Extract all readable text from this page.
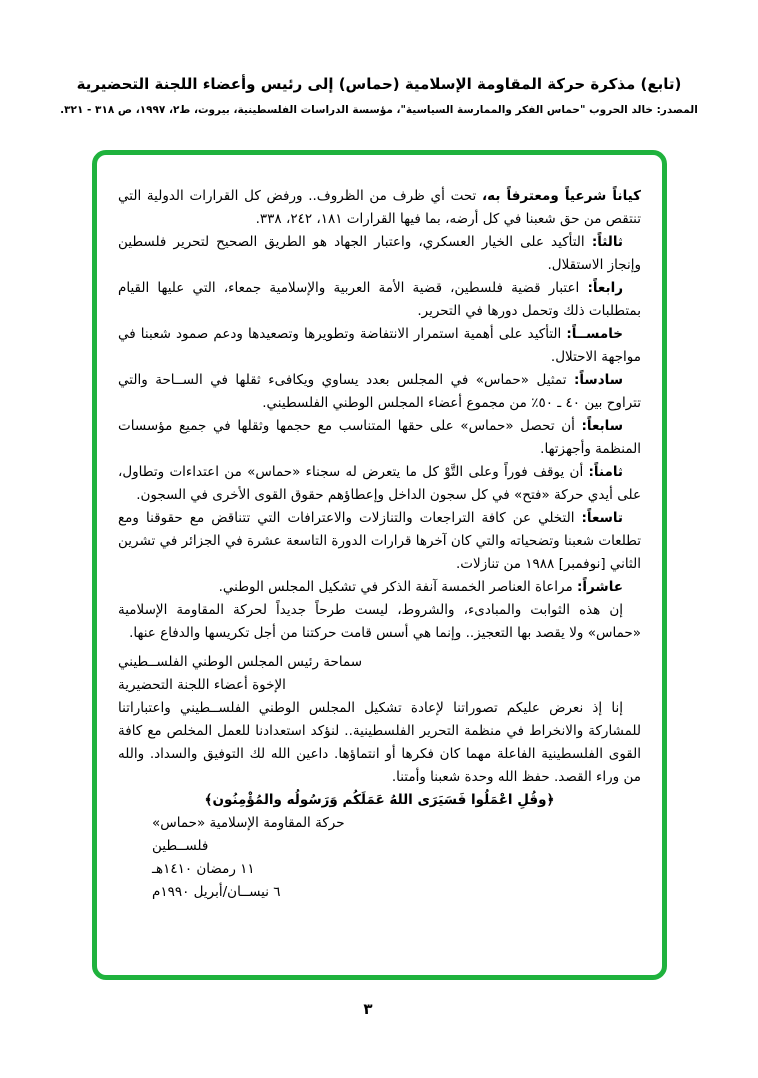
(تابع) مذكرة حركة المقاومة الإسلامية (حماس) إلى رئيس وأعضاء اللجنة التحضيرية
المصدر: خالد الحروب "حماس الفكر والممارسة السياسية"، مؤسسة الدراسات الفلسطينية، بيروت، ط٢، ١٩٩٧، ص ٣١٨ - ٣٢١.

كياناً شرعياً ومعترفاً به، تحت أي ظرف من الظروف.. ورفض كل القرارات الدولية التي تنتقص من حق شعبنا في كل أرضه، بما فيها القرارات ١٨١، ٢٤٢، ٣٣٨.

ثالثاً: التأكيد على الخيار العسكري، واعتبار الجهاد هو الطريق الصحيح لتحرير فلسطين وإنجاز الاستقلال.

رابعاً: اعتبار قضية فلسطين، قضية الأمة العربية والإسلامية جمعاء، التي عليها القيام بمتطلبات ذلك وتحمل دورها في التحرير.

خامســاً: التأكيد على أهمية استمرار الانتفاضة وتطويرها وتصعيدها ودعم صمود شعبنا في مواجهة الاحتلال.

سادساً: تمثيل «حماس» في المجلس بعدد يساوي ويكافىء ثقلها في الســاحة والتي تتراوح بين ٤٠ ـ ٥٠٪ من مجموع أعضاء المجلس الوطني الفلسطيني.

سابعاً: أن تحصل «حماس» على حقها المتناسب مع حجمها وثقلها في جميع مؤسسات المنظمة وأجهزتها.

ثامناً: أن يوقف فوراً وعلى التَّوْ كل ما يتعرض له سجناء «حماس» من اعتداءات وتطاول، على أيدي حركة «فتح» في كل سجون الداخل وإعطاؤهم حقوق القوى الأخرى في السجون.

تاسعاً: التخلي عن كافة التراجعات والتنازلات والاعترافات التي تتناقض مع حقوقنا ومع تطلعات شعبنا وتضحياته والتي كان آخرها قرارات الدورة التاسعة عشرة في الجزائر في تشرين الثاني [نوفمبر] ١٩٨٨ من تنازلات.

عاشراً: مراعاة العناصر الخمسة آنفة الذكر في تشكيل المجلس الوطني.

إن هذه الثوابت والمبادىء، والشروط، ليست طرحاً جديداً لحركة المقاومة الإسلامية «حماس» ولا يقصد بها التعجيز.. وإنما هي أسس قامت حركتنا من أجل تكريسها والدفاع عنها.

سماحة رئيس المجلس الوطني الفلســطيني
الإخوة أعضاء اللجنة التحضيرية

إنا إذ نعرض عليكم تصوراتنا لإعادة تشكيل المجلس الوطني الفلســطيني واعتباراتنا للمشاركة والانخراط في منظمة التحرير الفلسطينية.. لنؤكد استعدادنا للعمل المخلص مع كافة القوى الفلسطينية الفاعلة مهما كان فكرها أو انتماؤها. داعين الله لك التوفيق والسداد. والله من وراء القصد. حفظ الله وحدة شعبنا وأمتنا.

﴿وقُلِ اعْمَلُوا فَسَيَرَى اللهُ عَمَلَكُم وَرَسُولُه والمُؤْمِنُون﴾

حركة المقاومة الإسلامية «حماس»
فلســطين
١١ رمضان ١٤١٠هـ
٦ نيســان/أبريل ١٩٩٠م
٣
